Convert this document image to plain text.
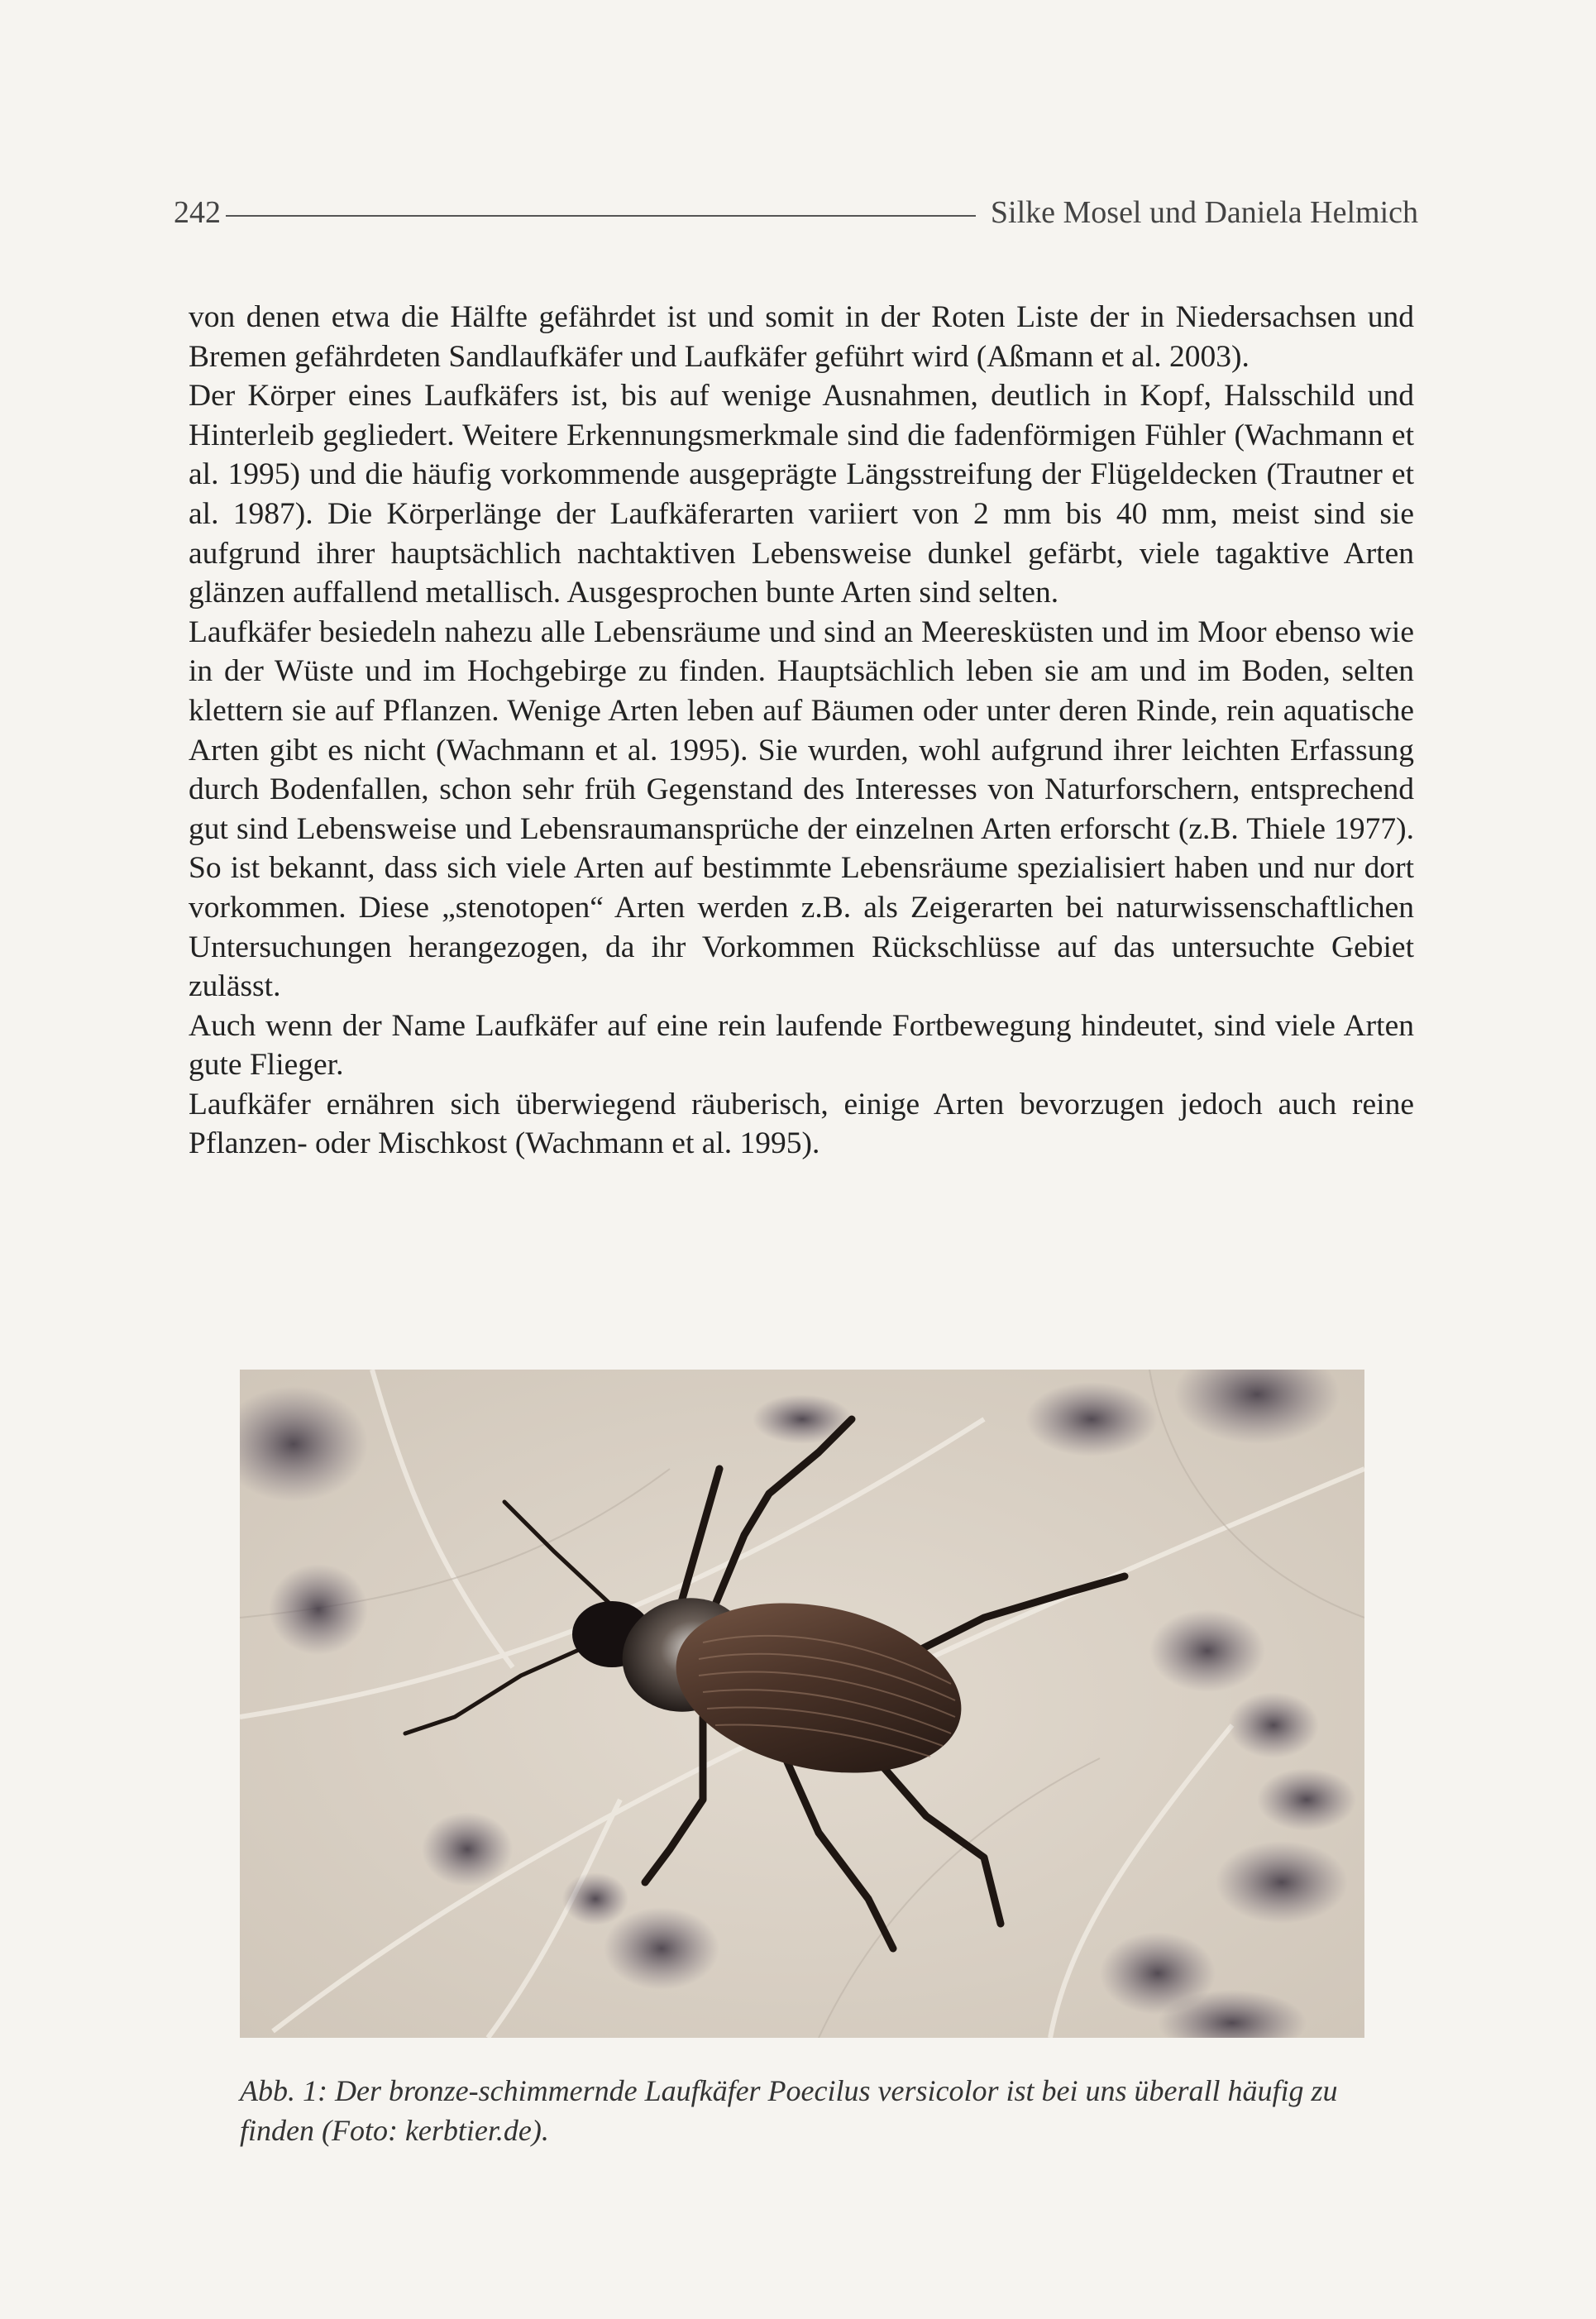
242	Silke Mosel und Daniela Helmich

von denen etwa die Hälfte gefährdet ist und somit in der Roten Liste der in Niedersachsen und Bremen gefährdeten Sandlaufkäfer und Laufkäfer geführt wird (Aßmann et al. 2003).

Der Körper eines Laufkäfers ist, bis auf wenige Ausnahmen, deutlich in Kopf, Halsschild und Hinterleib gegliedert. Weitere Erkennungsmerkmale sind die fadenförmigen Fühler (Wachmann et al. 1995) und die häufig vorkommende ausgeprägte Längsstreifung der Flügeldecken (Trautner et al. 1987). Die Körperlänge der Laufkäferarten variiert von 2 mm bis 40 mm, meist sind sie aufgrund ihrer hauptsächlich nachtaktiven Lebensweise dunkel gefärbt, viele tagaktive Arten glänzen auffallend metallisch. Ausgesprochen bunte Arten sind selten.

Laufkäfer besiedeln nahezu alle Lebensräume und sind an Meeresküsten und im Moor ebenso wie in der Wüste und im Hochgebirge zu finden. Hauptsächlich leben sie am und im Boden, selten klettern sie auf Pflanzen. Wenige Arten leben auf Bäumen oder unter deren Rinde, rein aquatische Arten gibt es nicht (Wachmann et al. 1995). Sie wurden, wohl aufgrund ihrer leichten Erfassung durch Bodenfallen, schon sehr früh Gegenstand des Interesses von Naturforschern, entsprechend gut sind Lebensweise und Lebensraumansprüche der einzelnen Arten erforscht (z.B. Thiele 1977). So ist bekannt, dass sich viele Arten auf bestimmte Lebensräume spezialisiert haben und nur dort vorkommen. Diese „stenotopen“ Arten werden z.B. als Zeigerarten bei naturwissenschaftlichen Untersuchungen herangezogen, da ihr Vorkommen Rückschlüsse auf das untersuchte Gebiet zulässt.

Auch wenn der Name Laufkäfer auf eine rein laufende Fortbewegung hindeutet, sind viele Arten gute Flieger.

Laufkäfer ernähren sich überwiegend räuberisch, einige Arten bevorzugen jedoch auch reine Pflanzen- oder Mischkost (Wachmann et al. 1995).

Abb. 1: Der bronze-schimmernde Laufkäfer Poecilus versicolor ist bei uns überall häufig zu finden (Foto: kerbtier.de).
